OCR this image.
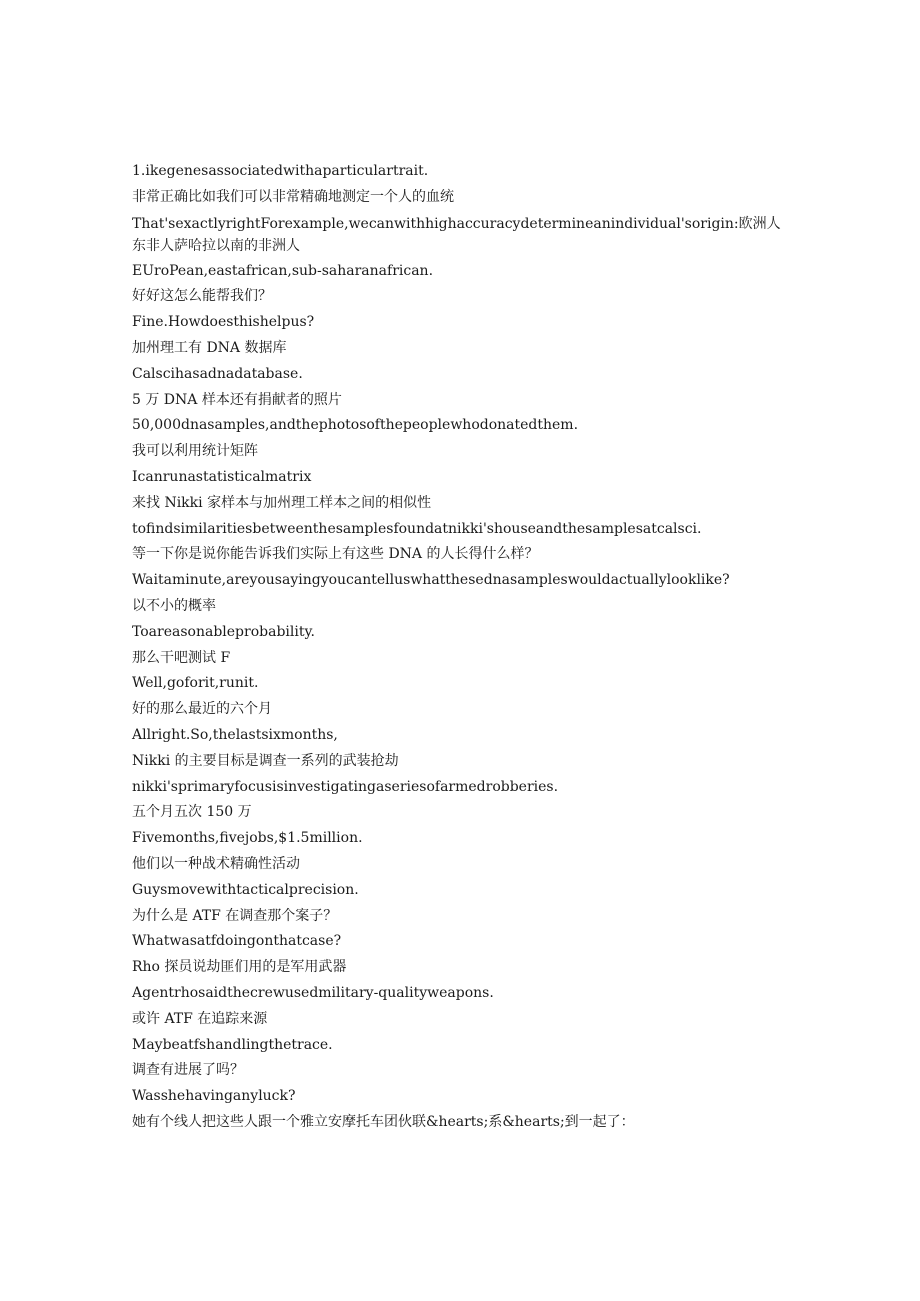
1.ikegenesassociatedwithaparticulartrait.

非常正确比如我们可以非常精确地测定一个人的血统

That'sexactlyrightForexample,wecanwithhighaccuracydetermineanindividual'sorigin:欧洲人东非人萨哈拉以南的非洲人

EUroPean,eastafrican,sub-saharanafrican.

好好这怎么能帮我们？

Fine.Howdoesthishelpus?

加州理工有 DNA 数据库

Calscihasadnadatabase.

5 万 DNA 样本还有捐献者的照片

50,000dnasamples,andthephotosofthepeoplewhodonatedthem.

我可以利用统计矩阵

Icanrunastatisticalmatrix

来找 Nikki 家样本与加州理工样本之间的相似性

tofindsimilaritiesbetweenthesamplesfoundatnikki'shouseandthesamplesatcalsci.

等一下你是说你能告诉我们实际上有这些 DNA 的人长得什么样？

Waitaminute,areyousayingyoucantelluswhatthesednasampleswouldactuallylooklike?

以不小的概率

Toareasonableprobability.

那么干吧测试 F

Well,goforit,runit.

好的那么最近的六个月

Allright.So,thelastsixmonths,

Nikki 的主要目标是调查一系列的武装抢劫

nikki'sprimaryfocusisinvestigatingaseriesofarmedrobberies.

五个月五次 150 万

Fivemonths,fivejobs,$1.5million.

他们以一种战术精确性活动

Guysmovewithtacticalprecision.

为什么是 ATF 在调查那个案子？

Whatwasatfdoingonthatcase?

Rho 探员说劫匪们用的是军用武器

Agentrhosaidthecrewusedmilitary-qualityweapons.

或许 ATF 在追踪来源

Maybeatfshandlingthetrace.

调查有进展了吗？

Wasshehavinganyluck?

她有个线人把这些人跟一个雅立安摩托车团伙联&hearts;系&hearts;到一起了：
